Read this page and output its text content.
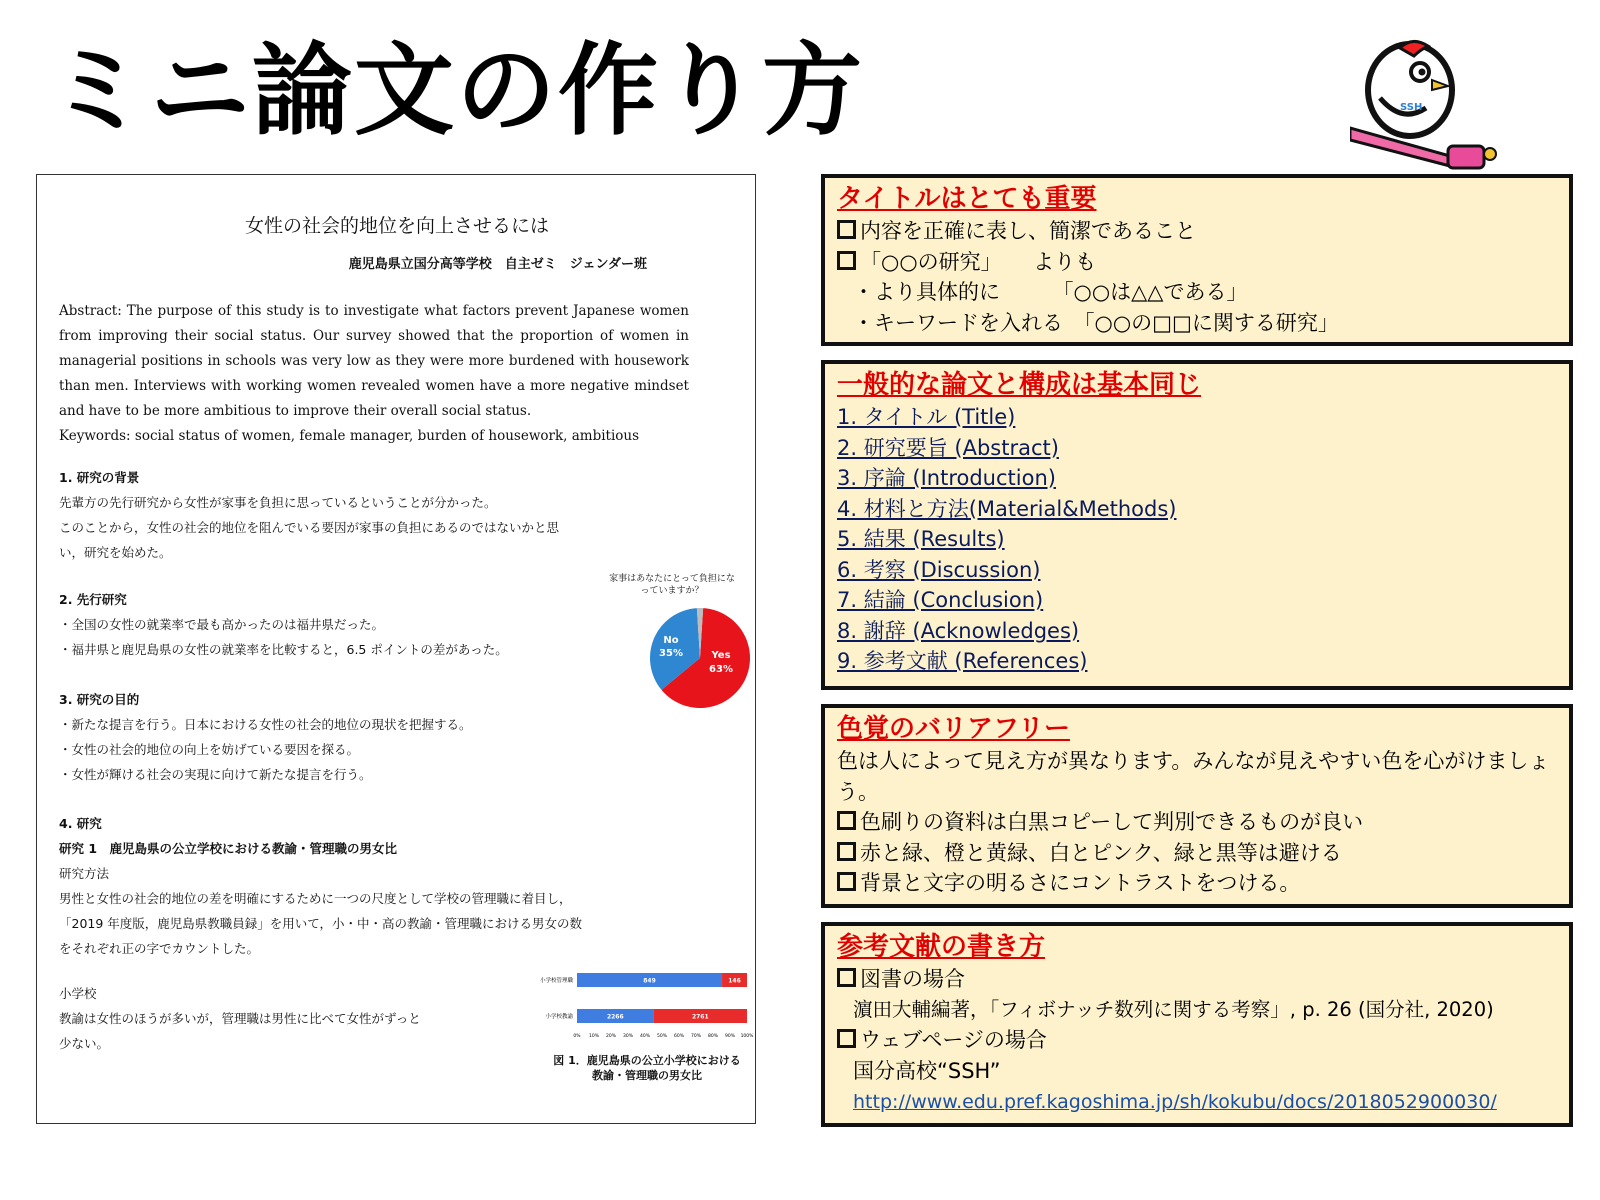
ミニ論文の作り方	SSH
女性の社会的地位を向上させるには
鹿児島県立国分高等学校　自主ゼミ　ジェンダー班
Abstract: The purpose of this study is to investigate what factors prevent Japanese women from improving their social status. Our survey showed that the proportion of women in managerial positions in schools was very low as they were more burdened with housework than men. Interviews with working women revealed women have a more negative mindset and have to be more ambitious to improve their overall social status.
Keywords: social status of women, female manager, burden of housework, ambitious
1. 研究の背景
先輩方の先行研究から女性が家事を負担に思っているということが分かった。
このことから，女性の社会的地位を阻んでいる要因が家事の負担にあるのではないかと思
い，研究を始めた。
2. 先行研究
・全国の女性の就業率で最も高かったのは福井県だった。
・福井県と鹿児島県の女性の就業率を比較すると，6.5 ポイントの差があった。
3. 研究の目的
・新たな提言を行う。日本における女性の社会的地位の現状を把握する。
・女性の社会的地位の向上を妨げている要因を探る。
・女性が輝ける社会の実現に向けて新たな提言を行う。
4. 研究
研究 1　鹿児島県の公立学校における教諭・管理職の男女比
研究方法
男性と女性の社会的地位の差を明確にするために一つの尺度として学校の管理職に着目し，
「2019 年度版，鹿児島県教職員録」を用いて，小・中・高の教諭・管理職における男女の数
をそれぞれ正の字でカウントした。
小学校
教諭は女性のほうが多いが，管理職は男性に比べて女性がずっと
少ない。
家事はあなたにとって負担になっていますか？
No 35%	Yes 63%
小学校管理職
小学校教諭
849	146
2266	2761
0% 10% 20% 30% 40% 50% 60% 70% 80% 90% 100%
図 1．鹿児島県の公立小学校における
教諭・管理職の男女比
タイトルはとても重要
内容を正確に表し、簡潔であること
「○○の研究」　　よりも
・より具体的に　　　「○○は△△である」
・キーワードを入れる　「○○の□□に関する研究」
一般的な論文と構成は基本同じ
1. タイトル (Title)
2. 研究要旨 (Abstract)
3. 序論 (Introduction)
4. 材料と方法(Material&Methods)
5. 結果 (Results)
6. 考察 (Discussion)
7. 結論 (Conclusion)
8. 謝辞 (Acknowledges)
9. 参考文献 (References)
色覚のバリアフリー
色は人によって見え方が異なります。みんなが見えやすい色を心がけましょう。
色刷りの資料は白黒コピーして判別できるものが良い
赤と緑、橙と黄緑、白とピンク、緑と黒等は避ける
背景と文字の明るさにコントラストをつける。
参考文献の書き方
図書の場合
濵田大輔編著，「フィボナッチ数列に関する考察」, p. 26 (国分社, 2020)
ウェブページの場合
国分高校“SSH”
http://www.edu.pref.kagoshima.jp/sh/kokubu/docs/2018052900030/
